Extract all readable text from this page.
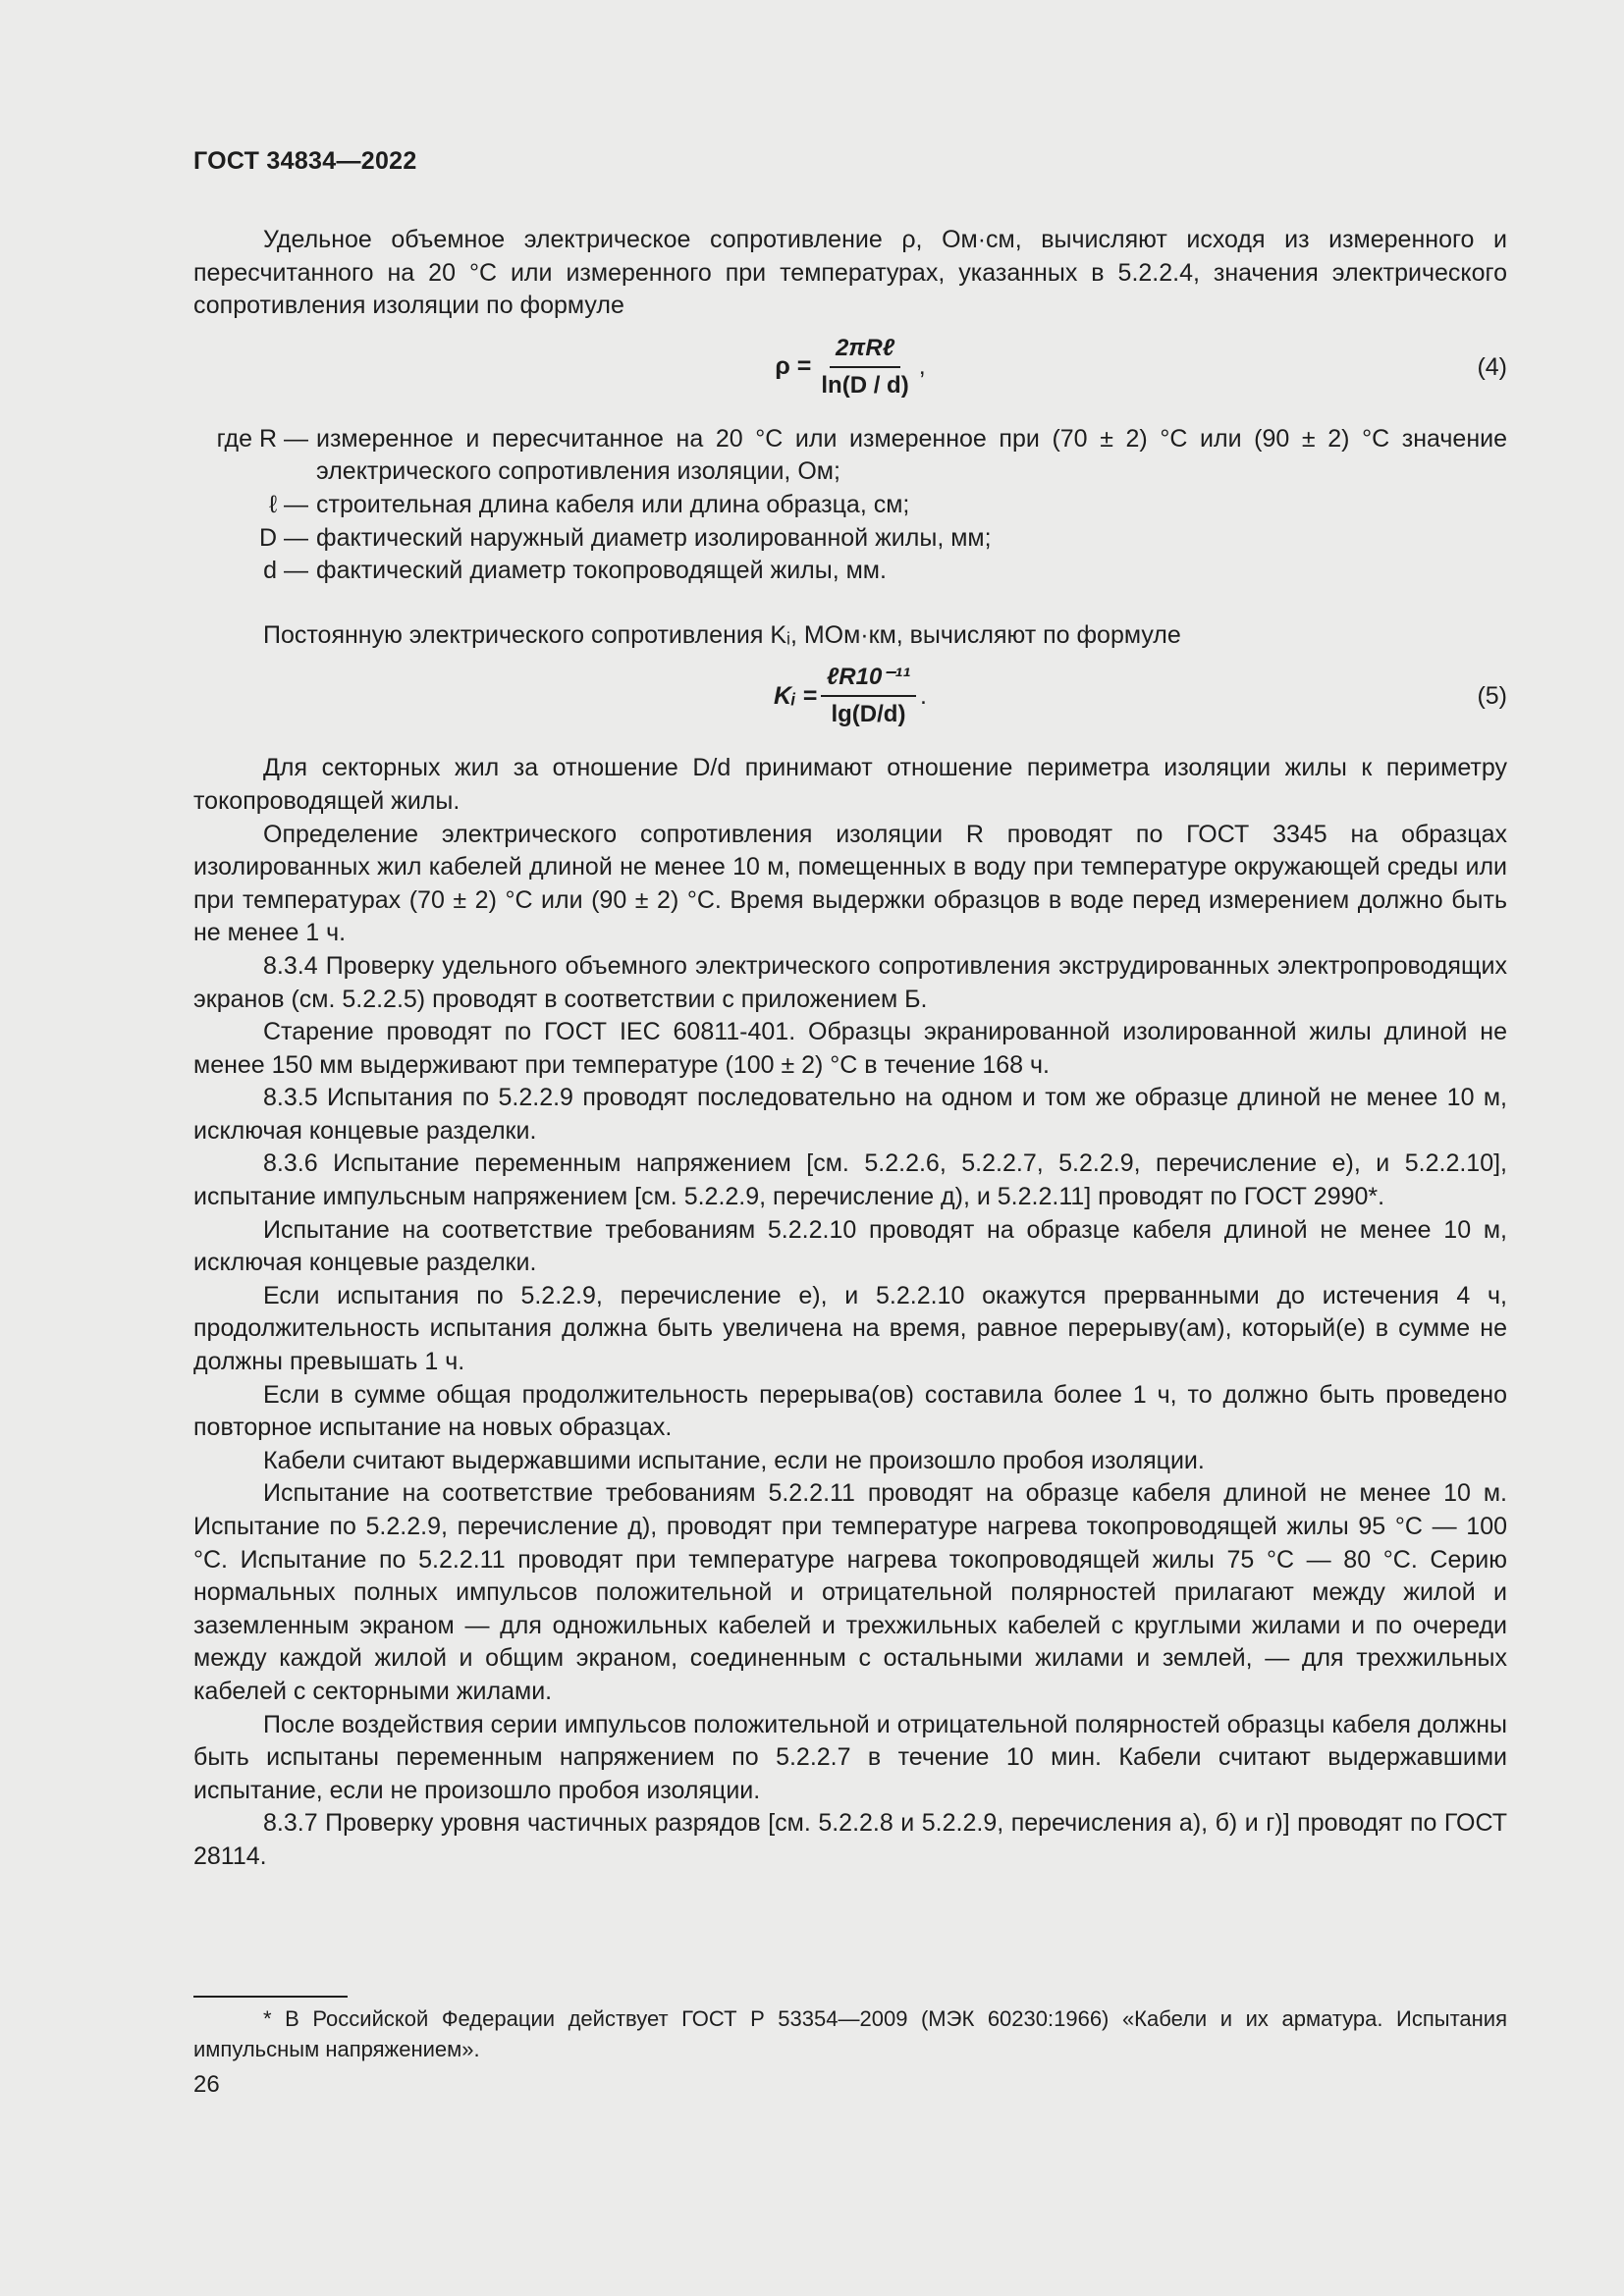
ГОСТ 34834—2022

Удельное объемное электрическое сопротивление ρ, Ом·см, вычисляют исходя из измеренного и пересчитанного на 20 °С или измеренного при температурах, указанных в 5.2.2.4, значения электрического сопротивления изоляции по формуле

$\rho = \frac{\text{2πRℓ}}{\ln(D / d)}$ ,	(4)
где R — измеренное и пересчитанное на 20 °С или измеренное при (70 ± 2) °С или (90 ± 2) °С значение электрического сопротивления изоляции, Ом;
ℓ — строительная длина кабеля или длина образца, см;
D — фактический наружный диаметр изолированной жилы, мм;
d — фактический диаметр токопроводящей жилы, мм.

Постоянную электрического сопротивления Kᵢ, МОм·км, вычисляют по формуле

Kᵢ = $\frac{\text{ℓR10⁻¹¹}}{\lg(D/d)}$ .	(5)

Для секторных жил за отношение D/d принимают отношение периметра изоляции жилы к периметру токопроводящей жилы.

Определение электрического сопротивления изоляции R проводят по ГОСТ 3345 на образцах изолированных жил кабелей длиной не менее 10 м, помещенных в воду при температуре окружающей среды или при температурах (70 ± 2) °С или (90 ± 2) °С. Время выдержки образцов в воде перед измерением должно быть не менее 1 ч.

8.3.4 Проверку удельного объемного электрического сопротивления экструдированных электропроводящих экранов (см. 5.2.2.5) проводят в соответствии с приложением Б.

Старение проводят по ГОСТ IEC 60811-401. Образцы экранированной изолированной жилы длиной не менее 150 мм выдерживают при температуре (100 ± 2) °С в течение 168 ч.

8.3.5 Испытания по 5.2.2.9 проводят последовательно на одном и том же образце длиной не менее 10 м, исключая концевые разделки.

8.3.6 Испытание переменным напряжением [см. 5.2.2.6, 5.2.2.7, 5.2.2.9, перечисление е), и 5.2.2.10], испытание импульсным напряжением [см. 5.2.2.9, перечисление д), и 5.2.2.11] проводят по ГОСТ 2990*.

Испытание на соответствие требованиям 5.2.2.10 проводят на образце кабеля длиной не менее 10 м, исключая концевые разделки.

Если испытания по 5.2.2.9, перечисление е), и 5.2.2.10 окажутся прерванными до истечения 4 ч, продолжительность испытания должна быть увеличена на время, равное перерыву(ам), который(е) в сумме не должны превышать 1 ч.

Если в сумме общая продолжительность перерыва(ов) составила более 1 ч, то должно быть проведено повторное испытание на новых образцах.

Кабели считают выдержавшими испытание, если не произошло пробоя изоляции.

Испытание на соответствие требованиям 5.2.2.11 проводят на образце кабеля длиной не менее 10 м. Испытание по 5.2.2.9, перечисление д), проводят при температуре нагрева токопроводящей жилы 95 °С — 100 °С. Испытание по 5.2.2.11 проводят при температуре нагрева токопроводящей жилы 75 °С — 80 °С. Серию нормальных полных импульсов положительной и отрицательной полярностей прилагают между жилой и заземленным экраном — для одножильных кабелей и трехжильных кабелей с круглыми жилами и по очереди между каждой жилой и общим экраном, соединенным с остальными жилами и землей, — для трехжильных кабелей с секторными жилами.

После воздействия серии импульсов положительной и отрицательной полярностей образцы кабеля должны быть испытаны переменным напряжением по 5.2.2.7 в течение 10 мин. Кабели считают выдержавшими испытание, если не произошло пробоя изоляции.

8.3.7 Проверку уровня частичных разрядов [см. 5.2.2.8 и 5.2.2.9, перечисления а), б) и г)] проводят по ГОСТ 28114.

* В Российской Федерации действует ГОСТ Р 53354—2009 (МЭК 60230:1966) «Кабели и их арматура. Испытания импульсным напряжением».
26
